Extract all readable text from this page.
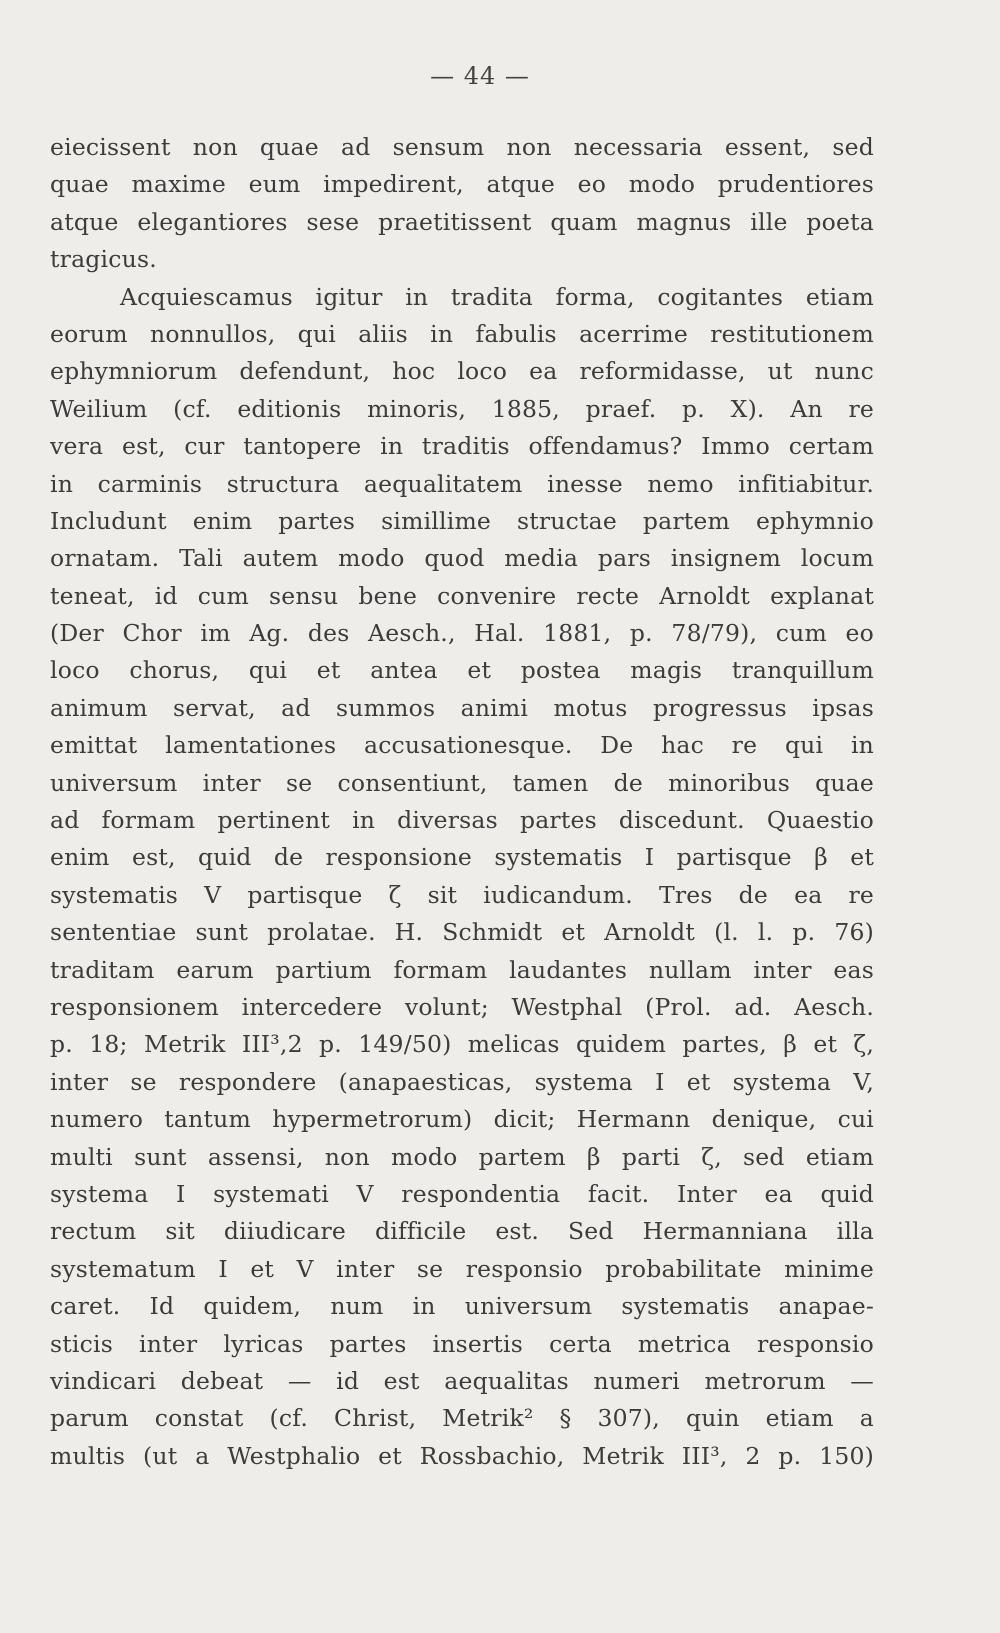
— 44 —
eiecissent non quae ad sensum non necessaria essent, sed
quae maxime eum impedirent, atque eo modo prudentiores
atque elegantiores sese praetitissent quam magnus ille poeta
tragicus.
Acquiescamus igitur in tradita forma, cogitantes etiam
eorum nonnullos, qui aliis in fabulis acerrime restitutionem
ephymniorum defendunt, hoc loco ea reformidasse, ut nunc
Weilium (cf. editionis minoris, 1885, praef. p. X). An re
vera est, cur tantopere in traditis offendamus? Immo certam
in carminis structura aequalitatem inesse nemo infitiabitur.
Includunt enim partes simillime structae partem ephymnio
ornatam. Tali autem modo quod media pars insignem locum
teneat, id cum sensu bene convenire recte Arnoldt explanat
(Der Chor im Ag. des Aesch., Hal. 1881, p. 78/79), cum eo
loco chorus, qui et antea et postea magis tranquillum
animum servat, ad summos animi motus progressus ipsas
emittat lamentationes accusationesque. De hac re qui in
universum inter se consentiunt, tamen de minoribus quae
ad formam pertinent in diversas partes discedunt. Quaestio
enim est, quid de responsione systematis I partisque β et
systematis V partisque ζ sit iudicandum. Tres de ea re
sententiae sunt prolatae. H. Schmidt et Arnoldt (l. l. p. 76)
traditam earum partium formam laudantes nullam inter eas
responsionem intercedere volunt; Westphal (Prol. ad. Aesch.
p. 18; Metrik III³,2 p. 149/50) melicas quidem partes, β et ζ,
inter se respondere (anapaesticas, systema I et systema V,
numero tantum hypermetrorum) dicit; Hermann denique, cui
multi sunt assensi, non modo partem β parti ζ, sed etiam
systema I systemati V respondentia facit. Inter ea quid
rectum sit diiudicare difficile est. Sed Hermanniana illa
systematum I et V inter se responsio probabilitate minime
caret. Id quidem, num in universum systematis anapae-
sticis inter lyricas partes insertis certa metrica responsio
vindicari debeat — id est aequalitas numeri metrorum —
parum constat (cf. Christ, Metrik² § 307), quin etiam a
multis (ut a Westphalio et Rossbachio, Metrik III³, 2 p. 150)
